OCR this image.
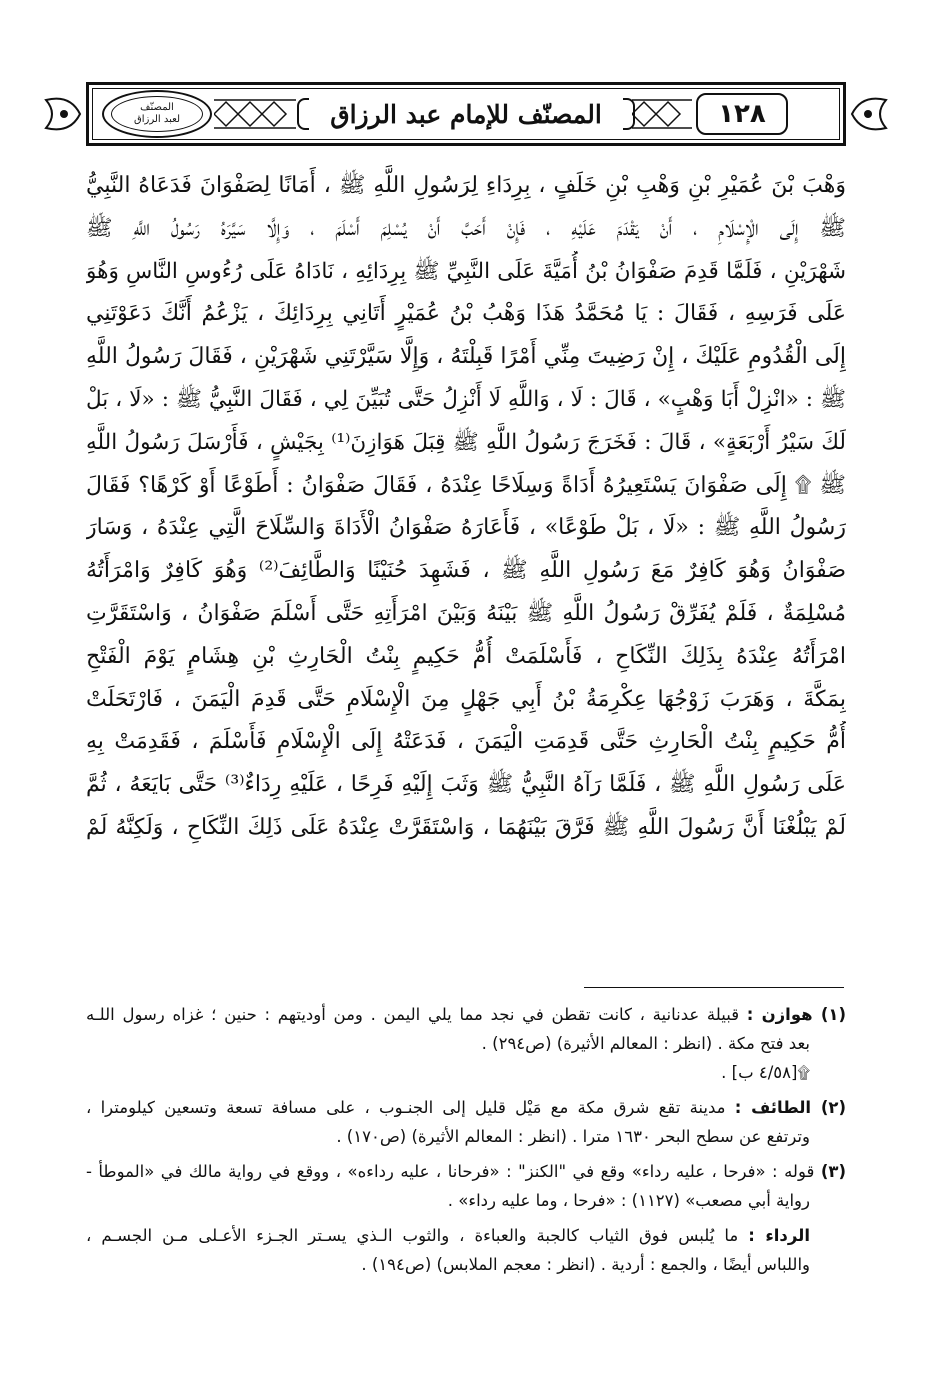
المصنّف
لعبد الرزاق	المصنّف للإمام عبد الرزاق	١٢٨
وَهْبَ بْنَ عُمَيْرِ بْنِ وَهْبِ بْنِ خَلَفٍ ، بِرِدَاءِ لِرَسُولِ اللَّهِ ﷺ ، أَمَانًا لِصَفْوَانَ فَدَعَاهُ النَّبِيُّ
ﷺ إِلَى الْإِسْلَامِ ، أَنْ يَقْدَمَ عَلَيْهِ ، فَإِنْ أَحَبَّ أَنْ يُسْلِمَ أَسْلَمَ ، وَإِلَّا سَيَّرَهُ رَسُولُ اللَّهِ ﷺ
شَهْرَيْنِ ، فَلَمَّا قَدِمَ صَفْوَانُ بْنُ أُمَيَّةَ عَلَى النَّبِيِّ ﷺ بِرِدَائِهِ ، نَادَاهُ عَلَى رُءُوسِ النَّاسِ وَهُوَ
عَلَى فَرَسِهِ ، فَقَالَ : يَا مُحَمَّدُ هَذَا وَهْبُ بْنُ عُمَيْرٍ أَتَانِي بِرِدَائِكَ ، يَزْعُمُ أَنَّكَ دَعَوْتَنِي
إِلَى الْقُدُومِ عَلَيْكَ ، إِنْ رَضِيتَ مِنِّي أَمْرًا قَبِلْتَهُ ، وَإِلَّا سَيَّرْتَنِي شَهْرَيْنِ ، فَقَالَ رَسُولُ اللَّهِ
ﷺ : «انْزِلْ أَبَا وَهْبٍ» ، قَالَ : لَا ، وَاللَّهِ لَا أَنْزِلُ حَتَّى تُبَيِّنَ لِي ، فَقَالَ النَّبِيُّ ﷺ : «لَا ، بَلْ
لَكَ سَيْرُ أَرْبَعَةٍ» ، قَالَ : فَخَرَجَ رَسُولُ اللَّهِ ﷺ قِبَلَ هَوَازِنَ⁽¹⁾ بِجَيْشٍ ، فَأَرْسَلَ رَسُولُ اللَّهِ
ﷺ ۩ إِلَى صَفْوَانَ يَسْتَعِيرُهُ أَدَاةً وَسِلَاحًا عِنْدَهُ ، فَقَالَ صَفْوَانُ : أَطَوْعًا أَوْ كَرْهًا؟ فَقَالَ
رَسُولُ اللَّهِ ﷺ : «لَا ، بَلْ طَوْعًا» ، فَأَعَارَهُ صَفْوَانُ الْأَدَاةَ وَالسِّلَاحَ الَّتِي عِنْدَهُ ، وَسَارَ
صَفْوَانُ وَهُوَ كَافِرٌ مَعَ رَسُولِ اللَّهِ ﷺ ، فَشَهِدَ حُنَيْنًا وَالطَّائِفَ⁽²⁾ وَهُوَ كَافِرٌ وَامْرَأَتُهُ
مُسْلِمَةٌ ، فَلَمْ يُفَرِّقْ رَسُولُ اللَّهِ ﷺ بَيْنَهُ وَبَيْنَ امْرَأَتِهِ حَتَّى أَسْلَمَ صَفْوَانُ ، وَاسْتَقَرَّتِ
امْرَأَتُهُ عِنْدَهُ بِذَلِكَ النِّكَاحِ ، فَأَسْلَمَتْ أُمُّ حَكِيمٍ بِنْتُ الْحَارِثِ بْنِ هِشَامٍ يَوْمَ الْفَتْحِ
بِمَكَّةَ ، وَهَرَبَ زَوْجُهَا عِكْرِمَةُ بْنُ أَبِي جَهْلٍ مِنَ الْإِسْلَامِ حَتَّى قَدِمَ الْيَمَنَ ، فَارْتَحَلَتْ
أُمُّ حَكِيمٍ بِنْتُ الْحَارِثِ حَتَّى قَدِمَتِ الْيَمَنَ ، فَدَعَتْهُ إِلَى الْإِسْلَامِ فَأَسْلَمَ ، فَقَدِمَتْ بِهِ
عَلَى رَسُولِ اللَّهِ ﷺ ، فَلَمَّا رَآهُ النَّبِيُّ ﷺ وَثَبَ إِلَيْهِ فَرِحًا ، عَلَيْهِ رِدَاءٌ⁽³⁾ حَتَّى بَايَعَهُ ، ثُمَّ
لَمْ يَبْلُغْنَا أَنَّ رَسُولَ اللَّهِ ﷺ فَرَّقَ بَيْنَهُمَا ، وَاسْتَقَرَّتْ عِنْدَهُ عَلَى ذَلِكَ النِّكَاحِ ، وَلَكِنَّهُ لَمْ
(١) هوازن : قبيلة عدنانية ، كانت تقطن في نجد مما يلي اليمن . ومن أوديتهم : حنين ؛ غزاه رسول اللـه
بعد فتح مكة . (انظر : المعالم الأثيرة) (ص٢٩٤) .
۩[٤/٥٨ ب] .
(٢) الطائف : مدينة تقع شرق مكة مع مَيْل قليل إلى الجنـوب ، على مسافة تسعة وتسعين كيلومترا ،
وترتفع عن سطح البحر ١٦٣٠ مترا . (انظر : المعالم الأثيرة) (ص١٧٠) .
(٣) قوله : «فرحا ، عليه رداء» وقع في "الكنز" : «فرحانا ، عليه رداءه» ، ووقع في رواية مالك في «الموطأ -
رواية أبي مصعب» (١١٢٧) : «فرحا ، وما عليه رداء» .
الرداء : ما يُلبس فوق الثياب كالجبة والعباءة ، والثوب الـذي يسـتر الجـزء الأعـلى مـن الجسـم ،
واللباس أيضًا ، والجمع : أردية . (انظر : معجم الملابس) (ص١٩٤) .
